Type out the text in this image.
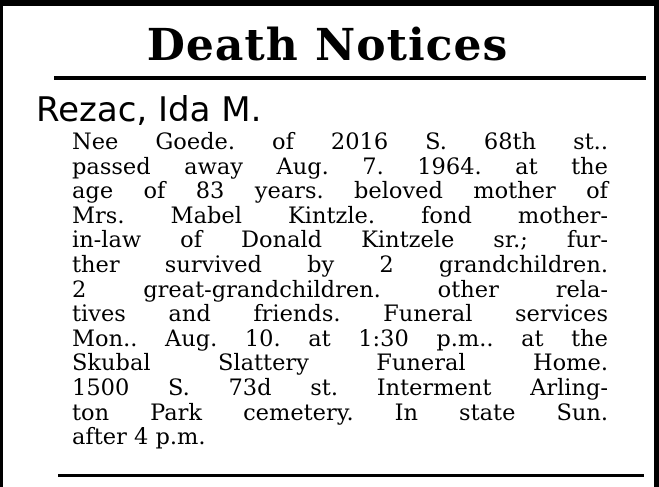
Death Notices
Rezac, Ida M.
Nee Goede. of 2016 S. 68th st..
passed away Aug. 7. 1964. at the
age of 83 years. beloved mother of
Mrs. Mabel Kintzle. fond mother-
in-law of Donald Kintzele sr.; fur-
ther survived by 2 grandchildren.
2 great-grandchildren. other rela-
tives and friends. Funeral services
Mon.. Aug. 10. at 1:30 p.m.. at the
Skubal Slattery Funeral Home.
1500 S. 73d st. Interment Arling-
ton Park cemetery. In state Sun.
after 4 p.m.
